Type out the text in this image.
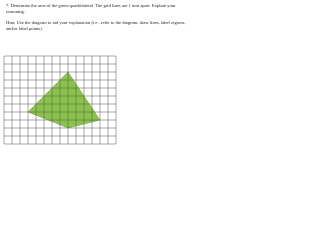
7. Determine the area of the green quadrilateral. The grid lines are 1 unit apart. Explain your reasoning.

Hint: Use the diagram to aid your explanation (i.e., refer to the diagram, draw lines, label regions, and/or label points)
